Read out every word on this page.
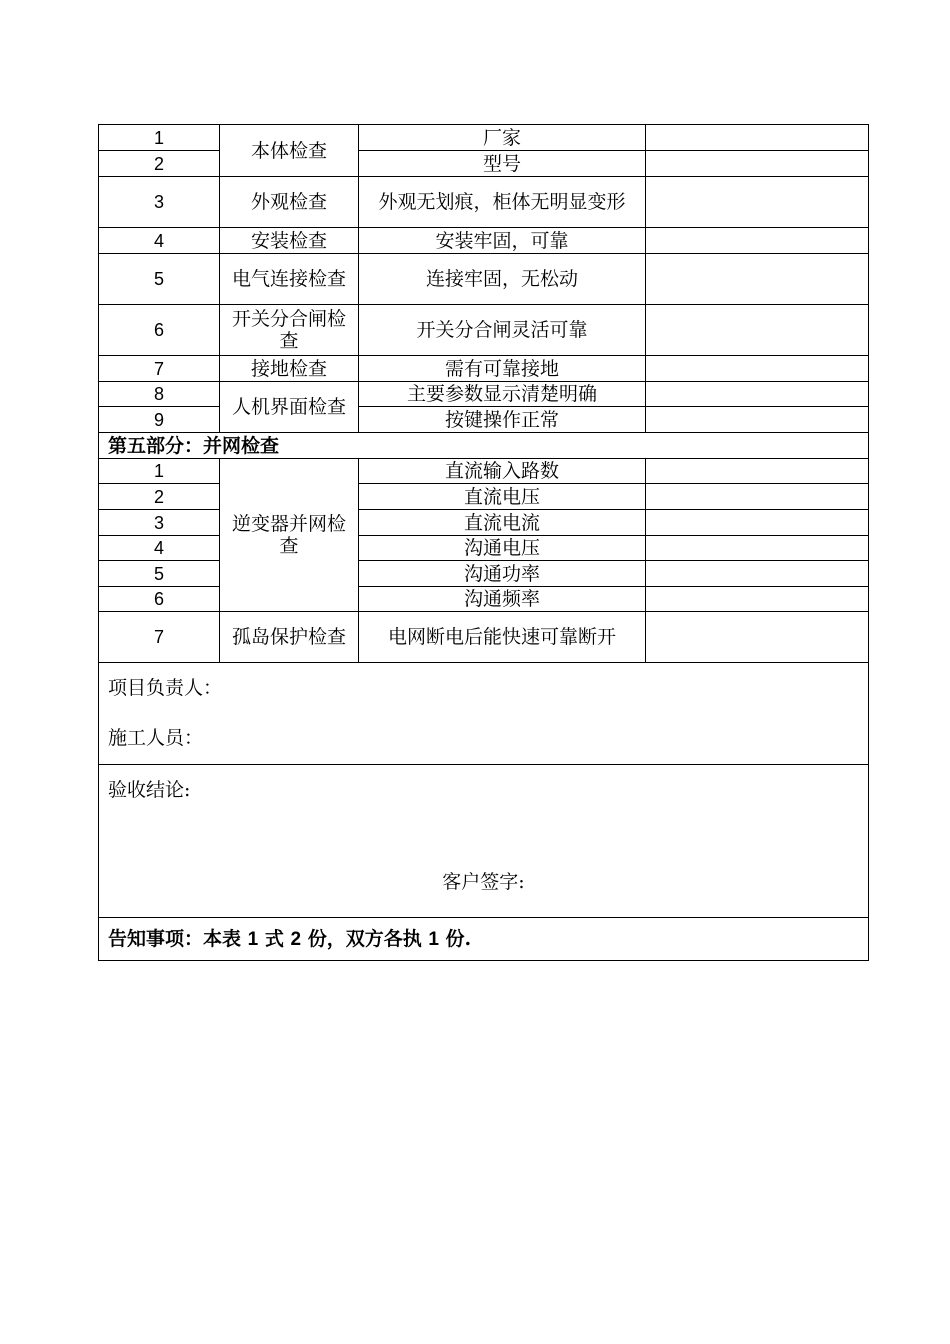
1	本体检查	厂家	
2		型号	
3	外观检查	外观无划痕，柜体无明显变形	
4	安装检查	安装牢固，可靠	
5	电气连接检查	连接牢固，无松动	
6	开关分合闸检查	开关分合闸灵活可靠	
7	接地检查	需有可靠接地	
8	人机界面检查	主要参数显示清楚明确	
9		按键操作正常	
第五部分：并网检查			
1	逆变器并网检查	直流输入路数	
2		直流电压	
3		直流电流	
4		沟通电压	
5		沟通功率	
6		沟通频率	
7	孤岛保护检查	电网断电后能快速可靠断开	

项目负责人：
施工人员：			

验收结论:
客户签字:			

告知事项：本表 1 式 2 份，双方各执 1 份.			
